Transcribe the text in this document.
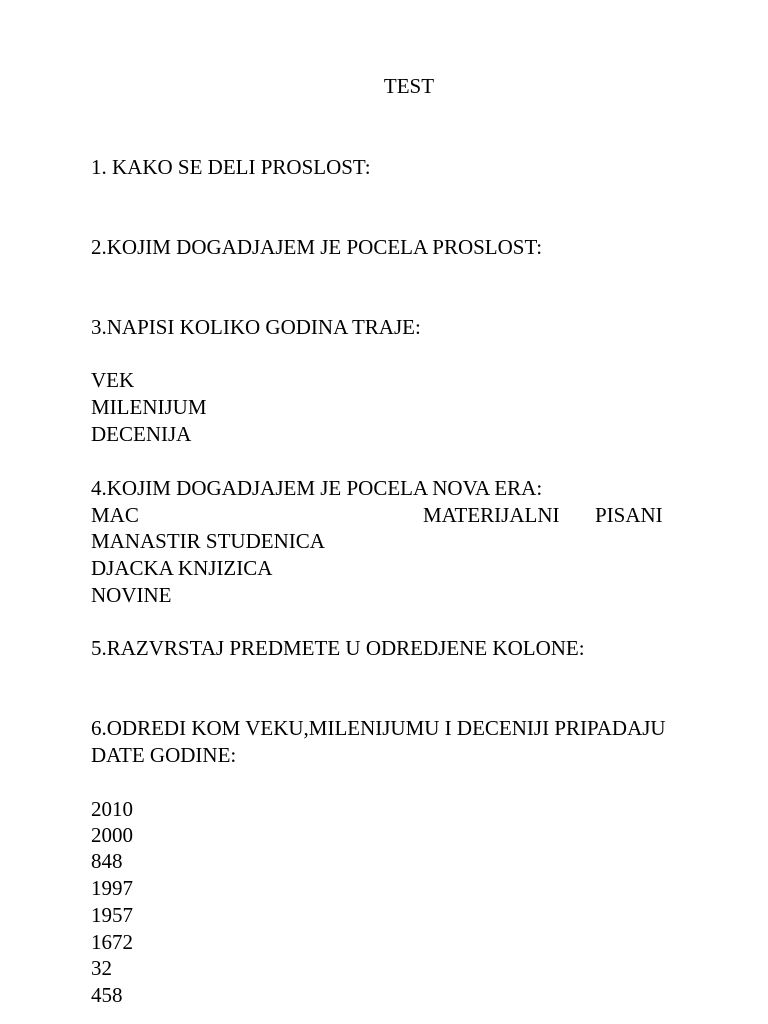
TEST
1. KAKO SE DELI PROSLOST:
2.KOJIM DOGADJAJEM JE POCELA PROSLOST:
3.NAPISI KOLIKO GODINA TRAJE:
VEK
MILENIJUM
DECENIJA
4.KOJIM DOGADJAJEM JE POCELA NOVA ERA:
MAC	MATERIJALNI PISANI
MANASTIR STUDENICA
DJACKA KNJIZICA
NOVINE
5.RAZVRSTAJ PREDMETE U ODREDJENE KOLONE:
6.ODREDI KOM VEKU,MILENIJUMU I DECENIJI PRIPADAJU
DATE GODINE:
2010
2000
848
1997
1957
1672
32
458
